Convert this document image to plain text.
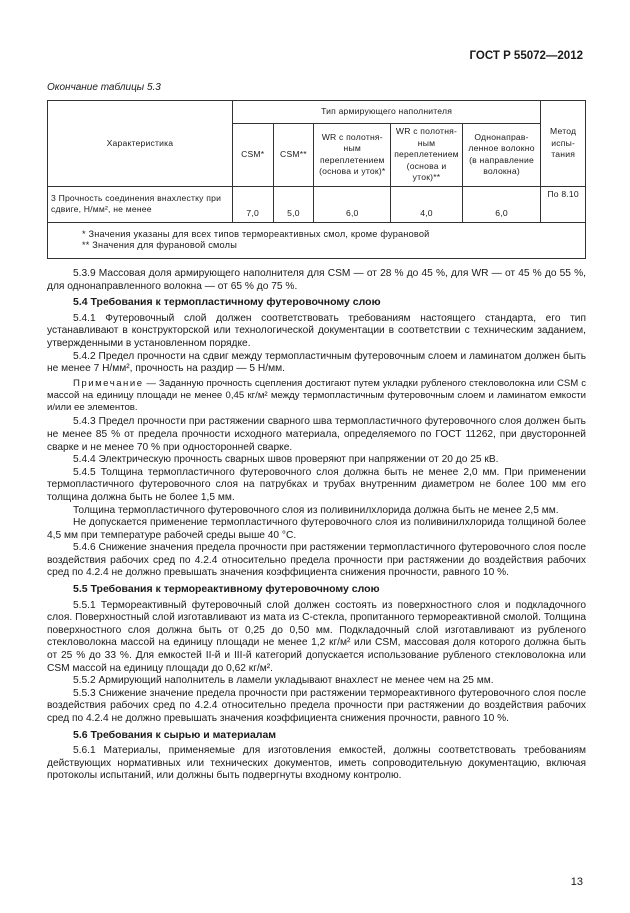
ГОСТ Р 55072—2012
Окончание таблицы 5.3
Характеристика	Тип армирующего наполнителя					Метод испы-тания
	CSM*	CSM**	WR с полотня-ным переплетением (основа и уток)*	WR с полотня-ным переплетением (основа и уток)**	Однонаправ-ленное волокно (в направление волокна)	
3 Прочность соединения внахлестку при сдвиге, Н/мм², не менее	7,0	5,0	6,0	4,0	6,0	По 8.10

* Значения указаны для всех типов термореактивных смол, кроме фурановой
** Значения для фурановой смолы						

5.3.9 Массовая доля армирующего наполнителя для CSM — от 28 % до 45 %, для WR — от 45 % до 55 %, для однонаправленного волокна — от 65 % до 75 %.

5.4 Требования к термопластичному футеровочному слою

5.4.1 Футеровочный слой должен соответствовать требованиям настоящего стандарта, его тип устанавливают в конструкторской или технологической документации в соответствии с техническим заданием, утвержденными в установленном порядке.

5.4.2 Предел прочности на сдвиг между термопластичным футеровочным слоем и ламинатом должен быть не менее 7 Н/мм², прочность на раздир — 5 Н/мм.

Примечание — Заданную прочность сцепления достигают путем укладки рубленого стекловолокна или CSM с массой на единицу площади не менее 0,45 кг/м² между термопластичным футеровочным слоем и ламинатом емкости и/или ее элементов.

5.4.3 Предел прочности при растяжении сварного шва термопластичного футеровочного слоя должен быть не менее 85 % от предела прочности исходного материала, определяемого по ГОСТ 11262, при двусторонней сварке и не менее 70 % при односторонней сварке.

5.4.4 Электрическую прочность сварных швов проверяют при напряжении от 20 до 25 кВ.

5.4.5 Толщина термопластичного футеровочного слоя должна быть не менее 2,0 мм. При применении термопластичного футеровочного слоя на патрубках и трубах внутренним диаметром не более 100 мм его толщина должна быть не более 1,5 мм.

Толщина термопластичного футеровочного слоя из поливинилхлорида должна быть не менее 2,5 мм.

Не допускается применение термопластичного футеровочного слоя из поливинилхлорида толщиной более 4,5 мм при температуре рабочей среды выше 40 °С.

5.4.6 Снижение значения предела прочности при растяжении термопластичного футеровочного слоя после воздействия рабочих сред по 4.2.4 относительно предела прочности при растяжении до воздействия рабочих сред по 4.2.4 не должно превышать значения коэффициента снижения прочности, равного 10 %.

5.5 Требования к термореактивному футеровочному слою

5.5.1 Термореактивный футеровочный слой должен состоять из поверхностного слоя и подкладочного слоя. Поверхностный слой изготавливают из мата из С-стекла, пропитанного термореактивной смолой. Толщина поверхностного слоя должна быть от 0,25 до 0,50 мм. Подкладочный слой изготавливают из рубленого стекловолокна массой на единицу площади не менее 1,2 кг/м² или CSM, массовая доля которого должна быть от 25 % до 33 %. Для емкостей II-й и III-й категорий допускается использование рубленого стекловолокна или CSM массой на единицу площади до 0,62 кг/м².

5.5.2 Армирующий наполнитель в ламели укладывают внахлест не менее чем на 25 мм.

5.5.3 Снижение значение предела прочности при растяжении термореактивного футеровочного слоя после воздействия рабочих сред по 4.2.4 относительно предела прочности при растяжении до воздействия рабочих сред по 4.2.4 не должно превышать значения коэффициента снижения прочности, равного 10 %.

5.6 Требования к сырью и материалам

5.6.1 Материалы, применяемые для изготовления емкостей, должны соответствовать требованиям действующих нормативных или технических документов, иметь сопроводительную документацию, включая протоколы испытаний, или должны быть подвергнуты входному контролю.

13
